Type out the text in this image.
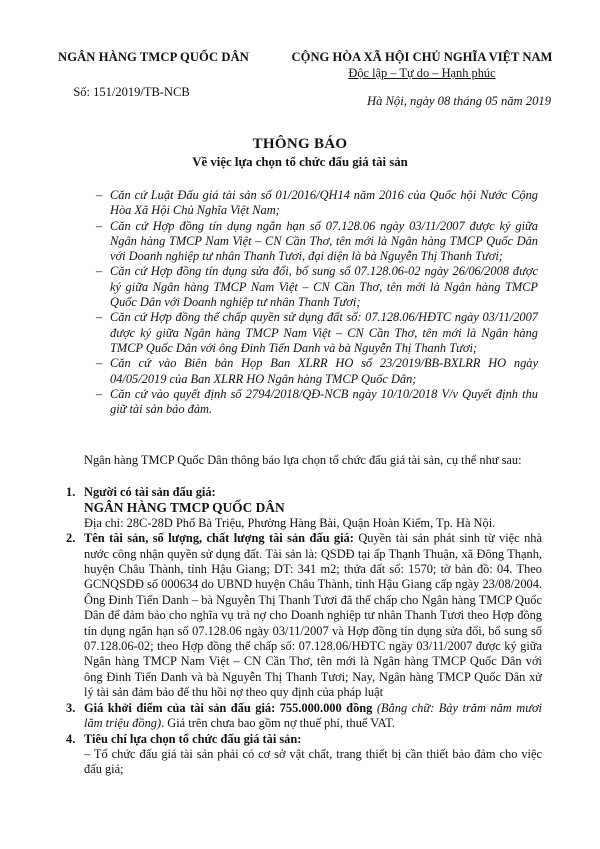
NGÂN HÀNG TMCP QUỐC DÂN
Số: 151/2019/TB-NCB
CỘNG HÒA XÃ HỘI CHỦ NGHĨA VIỆT NAM
Độc lập – Tự do – Hạnh phúc
Hà Nội, ngày 08 tháng 05 năm 2019
THÔNG BÁO
Về việc lựa chọn tổ chức đấu giá tài sản
– Căn cứ Luật Đấu giá tài sản số 01/2016/QH14 năm 2016 của Quốc hội Nước Cộng Hòa Xã Hội Chủ Nghĩa Việt Nam;
– Căn cứ Hợp đồng tín dụng ngắn hạn số 07.128.06 ngày 03/11/2007 được ký giữa Ngân hàng TMCP Nam Việt – CN Cần Thơ, tên mới là Ngân hàng TMCP Quốc Dân với Doanh nghiệp tư nhân Thanh Tươi, đại diện là bà Nguyễn Thị Thanh Tươi;
– Căn cứ Hợp đồng tín dụng sửa đổi, bổ sung số 07.128.06-02 ngày 26/06/2008 được ký giữa Ngân hàng TMCP Nam Việt – CN Cần Thơ, tên mới là Ngân hàng TMCP Quốc Dân với Doanh nghiệp tư nhân Thanh Tươi;
– Căn cứ Hợp đồng thế chấp quyền sử dụng đất số: 07.128.06/HĐTC ngày 03/11/2007 được ký giữa Ngân hàng TMCP Nam Việt – CN Cần Thơ, tên mới là Ngân hàng TMCP Quốc Dân với ông Đinh Tiến Danh và bà Nguyễn Thị Thanh Tươi;
– Căn cứ vào Biên bản Họp Ban XLRR HO số 23/2019/BB-BXLRR HO ngày 04/05/2019 của Ban XLRR HO Ngân hàng TMCP Quốc Dân;
– Căn cứ vào quyết định số 2794/2018/QĐ-NCB ngày 10/10/2018 V/v Quyết định thu giữ tài sản bảo đảm.
Ngân hàng TMCP Quốc Dân thông báo lựa chọn tổ chức đấu giá tài sản, cụ thể như sau:
1. Người có tài sản đấu giá:
NGÂN HÀNG TMCP QUỐC DÂN
Địa chỉ: 28C-28D Phố Bà Triệu, Phường Hàng Bài, Quận Hoàn Kiếm, Tp. Hà Nội.
2. Tên tài sản, số lượng, chất lượng tài sản đấu giá: Quyền tài sản phát sinh từ việc nhà nước công nhận quyền sử dụng đất. Tài sản là: QSDĐ tại ấp Thạnh Thuận, xã Đông Thạnh, huyện Châu Thành, tỉnh Hậu Giang; DT: 341 m2; thửa đất số: 1570; tờ bản đồ: 04. Theo GCNQSDĐ số 000634 do UBND huyện Châu Thành, tỉnh Hậu Giang cấp ngày 23/08/2004. Ông Đinh Tiến Danh – bà Nguyễn Thị Thanh Tươi đã thế chấp cho Ngân hàng TMCP Quốc Dân để đảm bảo cho nghĩa vụ trả nợ cho Doanh nghiệp tư nhân Thanh Tươi theo Hợp đồng tín dụng ngắn hạn số 07.128.06 ngày 03/11/2007 và Hợp đồng tín dụng sửa đổi, bổ sung số 07.128.06-02; theo Hợp đồng thế chấp số: 07.128.06/HĐTC ngày 03/11/2007 được ký giữa Ngân hàng TMCP Nam Việt – CN Cần Thơ, tên mới là Ngân hàng TMCP Quốc Dân với ông Đinh Tiến Danh và bà Nguyễn Thị Thanh Tươi; Nay, Ngân hàng TMCP Quốc Dân xử lý tài sản đảm bảo để thu hồi nợ theo quy định của pháp luật
3. Giá khởi điểm của tài sản đấu giá: 755.000.000 đồng (Bằng chữ: Bảy trăm năm mươi lăm triệu đồng). Giá trên chưa bao gồm nợ thuế phí, thuế VAT.
4. Tiêu chí lựa chọn tổ chức đấu giá tài sản:
– Tổ chức đấu giá tài sản phải có cơ sở vật chất, trang thiết bị cần thiết bảo đảm cho việc đấu giá;
